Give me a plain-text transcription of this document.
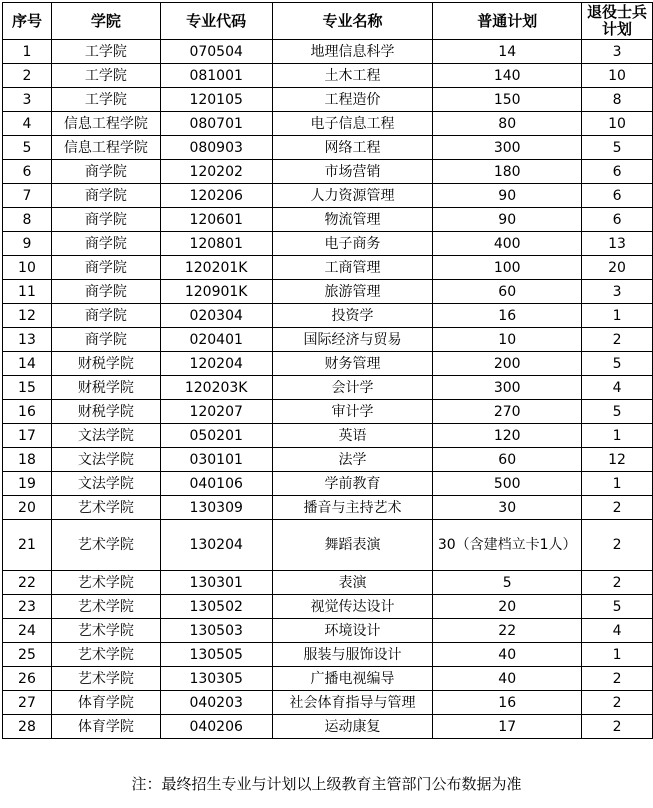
序号	学院	专业代码	专业名称	普通计划	退役士兵计划
1	工学院	070504	地理信息科学	14	3
2	工学院	081001	土木工程	140	10
3	工学院	120105	工程造价	150	8
4	信息工程学院	080701	电子信息工程	80	10
5	信息工程学院	080903	网络工程	300	5
6	商学院	120202	市场营销	180	6
7	商学院	120206	人力资源管理	90	6
8	商学院	120601	物流管理	90	6
9	商学院	120801	电子商务	400	13
10	商学院	120201K	工商管理	100	20
11	商学院	120901K	旅游管理	60	3
12	商学院	020304	投资学	16	1
13	商学院	020401	国际经济与贸易	10	2
14	财税学院	120204	财务管理	200	5
15	财税学院	120203K	会计学	300	4
16	财税学院	120207	审计学	270	5
17	文法学院	050201	英语	120	1
18	文法学院	030101	法学	60	12
19	文法学院	040106	学前教育	500	1
20	艺术学院	130309	播音与主持艺术	30	2
21	艺术学院	130204	舞蹈表演	30（含建档立卡1人）	2
22	艺术学院	130301	表演	5	2
23	艺术学院	130502	视觉传达设计	20	5
24	艺术学院	130503	环境设计	22	4
25	艺术学院	130505	服装与服饰设计	40	1
26	艺术学院	130305	广播电视编导	40	2
27	体育学院	040203	社会体育指导与管理	16	2
28	体育学院	040206	运动康复	17	2
注：最终招生专业与计划以上级教育主管部门公布数据为准
